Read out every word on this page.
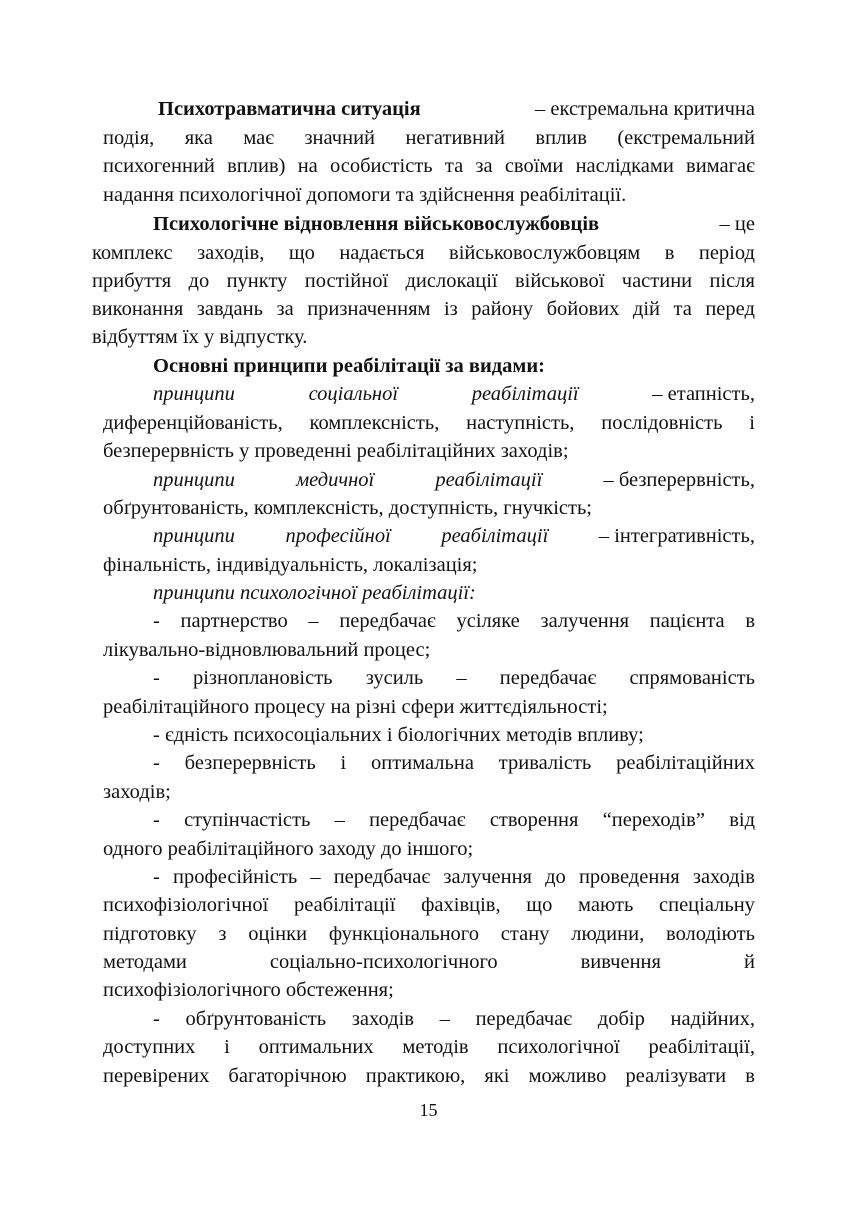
Психотравматична ситуація	– екстремальна критична
подія, яка має значний негативний вплив (екстремальний
психогенний вплив) на особистість та за своїми наслідками вимагає
надання психологічної допомоги та здійснення реабілітації.
Психологічне відновлення військовослужбовців	– це
комплекс заходів, що надається військовослужбовцям в період
прибуття до пункту постійної дислокації військової частини після
виконання завдань за призначенням із району бойових дій та перед
відбуттям їх у відпустку.
Основні принципи реабілітації за видами:
принципи	соціальної	реабілітації	– етапність,
диференційованість, комплексність, наступність, послідовність і
безперервність у проведенні реабілітаційних заходів;
принципи	медичної	реабілітації	– безперервність,
обґрунтованість, комплексність, доступність, гнучкість;
принципи професійної реабілітації – інтегративність,
фінальність, індивідуальність, локалізація;
принципи психологічної реабілітації:
- партнерство – передбачає усіляке залучення пацієнта в
лікувально-відновлювальний процес;
- різноплановість зусиль – передбачає спрямованість
реабілітаційного процесу на різні сфери життєдіяльності;
- єдність психосоціальних і біологічних методів впливу;
- безперервність і оптимальна тривалість реабілітаційних
заходів;
- ступінчастість – передбачає створення “переходів” від
одного реабілітаційного заходу до іншого;
- професійність – передбачає залучення до проведення заходів
психофізіологічної реабілітації фахівців, що мають спеціальну
підготовку з оцінки функціонального стану людини, володіють
методами	соціально-психологічного	вивчення	й
психофізіологічного обстеження;
- обґрунтованість заходів – передбачає добір надійних,
доступних і оптимальних методів психологічної реабілітації,
перевірених багаторічною практикою, які можливо реалізувати в
15
